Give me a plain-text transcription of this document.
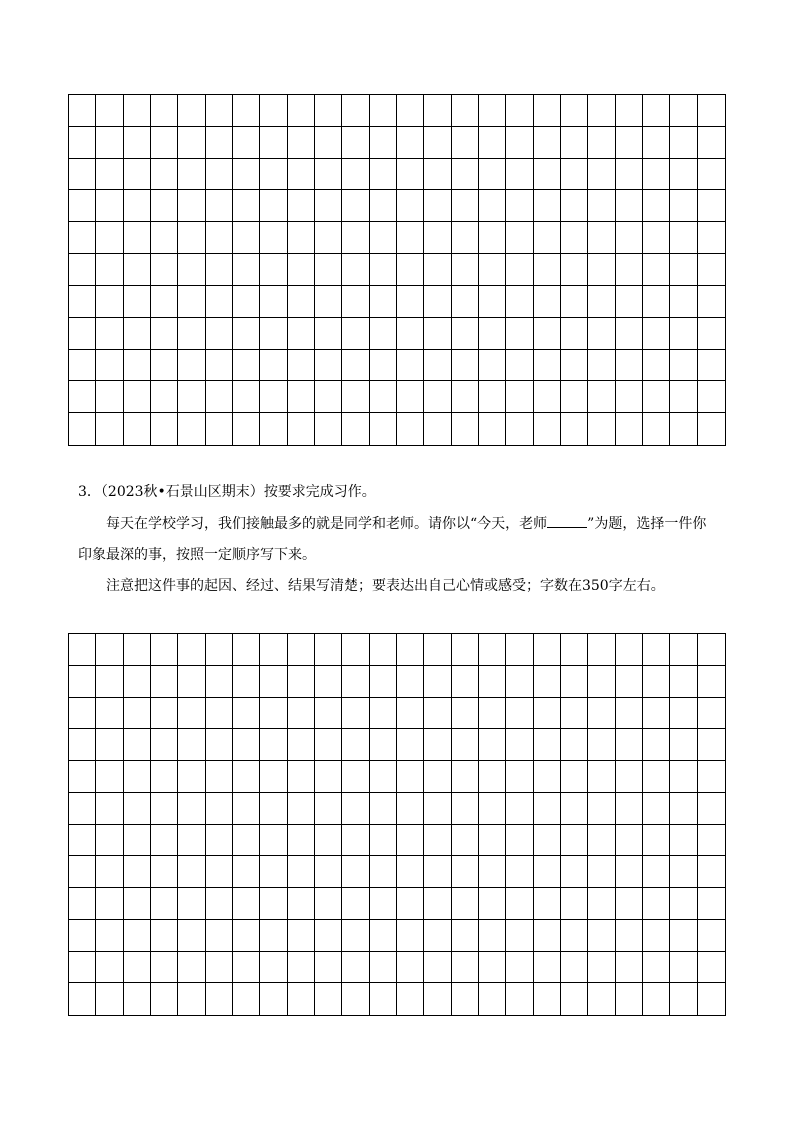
3．（2023秋•石景山区期末）按要求完成习作。

每天在学校学习，我们接触最多的就是同学和老师。请你以“今天，老师	”为题，选择一件你印象最深的事，按照一定顺序写下来。

注意把这件事的起因、经过、结果写清楚；要表达出自己心情或感受；字数在350字左右。
